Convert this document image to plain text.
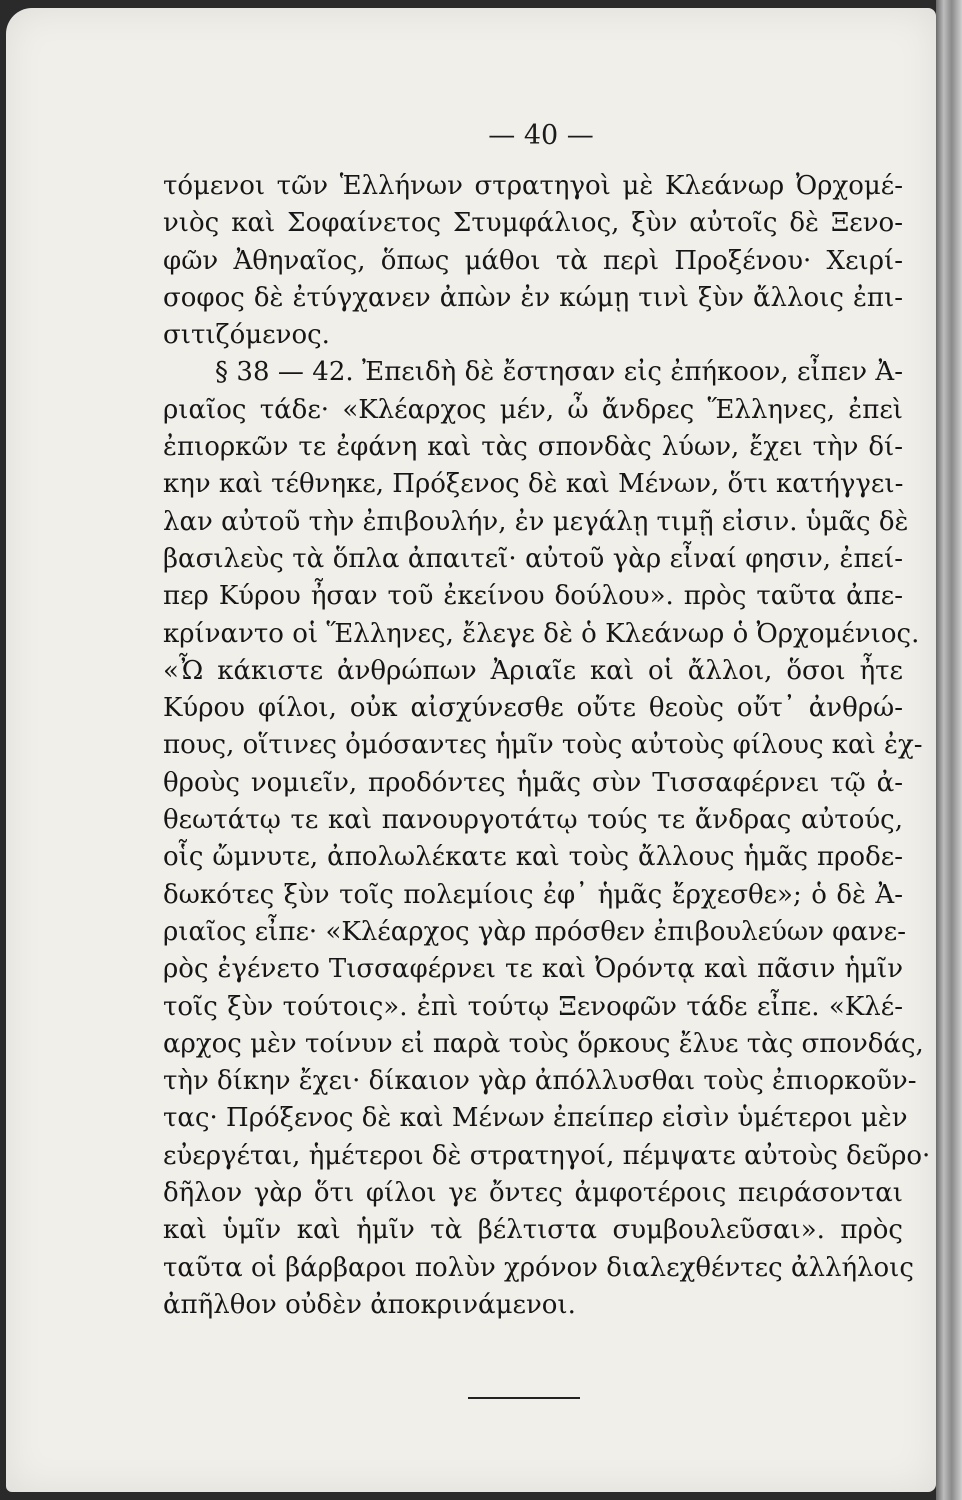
— 40 —
τόμενοι τῶν Ἑλλήνων στρατηγοὶ μὲ Κλεάνωρ Ὀρχομέ-
νιὸς καὶ Σοφαίνετος Στυμφάλιος, ξὺν αὐτοῖς δὲ Ξενο-
φῶν Ἀθηναῖος, ὅπως μάθοι τὰ περὶ Προξένου· Χειρί-
σοφος δὲ ἐτύγχανεν ἀπὼν ἐν κώμῃ τινὶ ξὺν ἄλλοις ἐπι-
σιτιζόμενος.
§ 38 — 42. Ἐπειδὴ δὲ ἔστησαν εἰς ἐπήκοον, εἶπεν Ἀ-
ριαῖος τάδε· «Κλέαρχος μέν, ὦ ἄνδρες Ἕλληνες, ἐπεὶ
ἐπιορκῶν τε ἐφάνη καὶ τὰς σπονδὰς λύων, ἔχει τὴν δί-
κην καὶ τέθνηκε, Πρόξενος δὲ καὶ Μένων, ὅτι κατήγγει-
λαν αὐτοῦ τὴν ἐπιβουλήν, ἐν μεγάλῃ τιμῇ εἰσιν. ὑμᾶς δὲ
βασιλεὺς τὰ ὅπλα ἀπαιτεῖ· αὐτοῦ γὰρ εἶναί φησιν, ἐπεί-
περ Κύρου ἦσαν τοῦ ἐκείνου δούλου». πρὸς ταῦτα ἀπε-
κρίναντο οἱ Ἕλληνες, ἔλεγε δὲ ὁ Κλεάνωρ ὁ Ὀρχομένιος.
«Ὦ κάκιστε ἀνθρώπων Ἀριαῖε καὶ οἱ ἄλλοι, ὅσοι ἦτε
Κύρου φίλοι, οὐκ αἰσχύνεσθε οὔτε θεοὺς οὔτ᾽ ἀνθρώ-
πους, οἵτινες ὀμόσαντες ἡμῖν τοὺς αὐτοὺς φίλους καὶ ἐχ-
θροὺς νομιεῖν, προδόντες ἡμᾶς σὺν Τισσαφέρνει τῷ ἀ-
θεωτάτῳ τε καὶ πανουργοτάτῳ τούς τε ἄνδρας αὐτούς,
οἷς ὤμνυτε, ἀπολωλέκατε καὶ τοὺς ἄλλους ἡμᾶς προδε-
δωκότες ξὺν τοῖς πολεμίοις ἐφ᾽ ἡμᾶς ἔρχεσθε»; ὁ δὲ Ἀ-
ριαῖος εἶπε· «Κλέαρχος γὰρ πρόσθεν ἐπιβουλεύων φανε-
ρὸς ἐγένετο Τισσαφέρνει τε καὶ Ὀρόντᾳ καὶ πᾶσιν ἡμῖν
τοῖς ξὺν τούτοις». ἐπὶ τούτῳ Ξενοφῶν τάδε εἶπε. «Κλέ-
αρχος μὲν τοίνυν εἰ παρὰ τοὺς ὅρκους ἔλυε τὰς σπονδάς,
τὴν δίκην ἔχει· δίκαιον γὰρ ἀπόλλυσθαι τοὺς ἐπιορκοῦν-
τας· Πρόξενος δὲ καὶ Μένων ἐπείπερ εἰσὶν ὑμέτεροι μὲν
εὐεργέται, ἡμέτεροι δὲ στρατηγοί, πέμψατε αὐτοὺς δεῦρο·
δῆλον γὰρ ὅτι φίλοι γε ὄντες ἀμφοτέροις πειράσονται
καὶ ὑμῖν καὶ ἡμῖν τὰ βέλτιστα συμβουλεῦσαι». πρὸς
ταῦτα οἱ βάρβαροι πολὺν χρόνον διαλεχθέντες ἀλλήλοις
ἀπῆλθον οὐδὲν ἀποκρινάμενοι.
